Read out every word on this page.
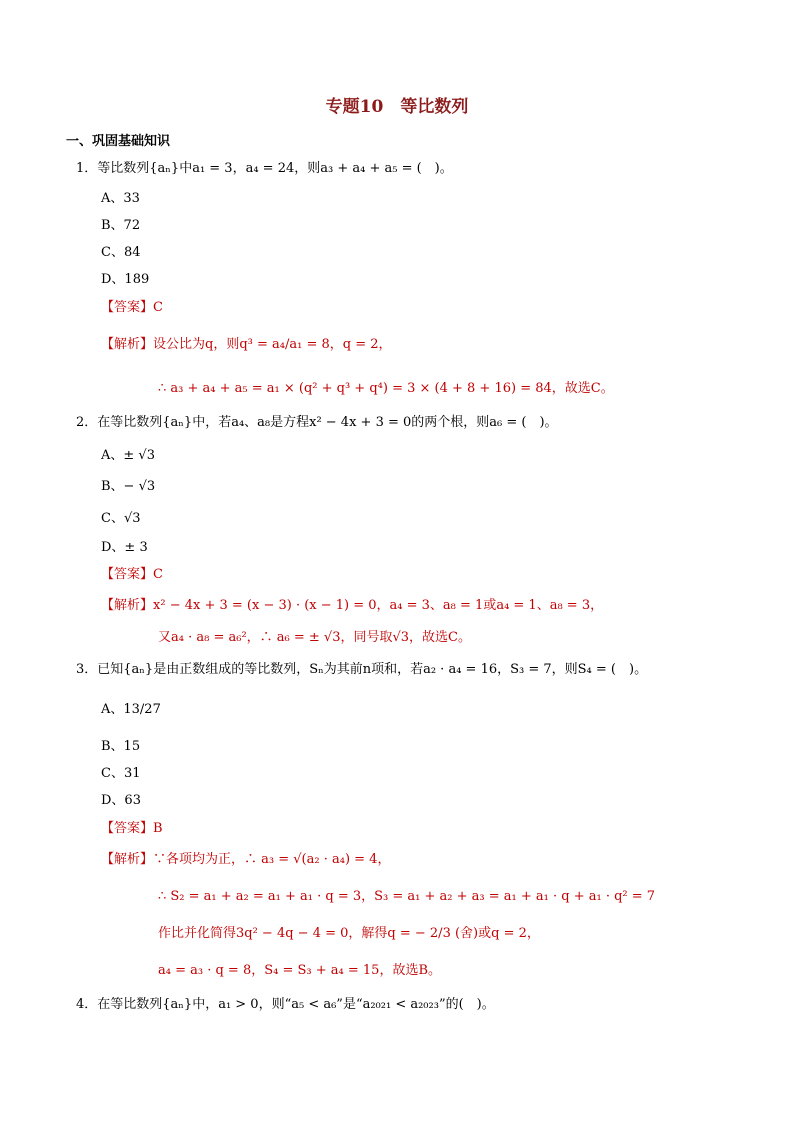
专题10　等比数列
一、巩固基础知识
1．等比数列{aₙ}中a₁ = 3，a₄ = 24，则a₃ + a₄ + a₅ = (　)。
A、33
B、72
C、84
D、189
【答案】C
【解析】设公比为q，则q³ = a₄/a₁ = 8，q = 2，
∴ a₃ + a₄ + a₅ = a₁ × (q² + q³ + q⁴) = 3 × (4 + 8 + 16) = 84，故选C。
2．在等比数列{aₙ}中，若a₄、a₈是方程x² − 4x + 3 = 0的两个根，则a₆ = (　)。
A、± √3
B、− √3
C、√3
D、± 3
【答案】C
【解析】x² − 4x + 3 = (x − 3) · (x − 1) = 0，a₄ = 3、a₈ = 1或a₄ = 1、a₈ = 3，
又a₄ · a₈ = a₆²，∴ a₆ = ± √3，同号取√3，故选C。
3．已知{aₙ}是由正数组成的等比数列，Sₙ为其前n项和，若a₂ · a₄ = 16，S₃ = 7，则S₄ = (　)。
A、13/27
B、15
C、31
D、63
【答案】B
【解析】∵各项均为正，∴ a₃ = √(a₂ · a₄) = 4，
∴ S₂ = a₁ + a₂ = a₁ + a₁ · q = 3，S₃ = a₁ + a₂ + a₃ = a₁ + a₁ · q + a₁ · q² = 7
作比并化简得3q² − 4q − 4 = 0，解得q = − 2/3 (舍)或q = 2，
a₄ = a₃ · q = 8，S₄ = S₃ + a₄ = 15，故选B。
4．在等比数列{aₙ}中，a₁ > 0，则“a₅ < a₆”是“a₂₀₂₁ < a₂₀₂₃”的(　)。
